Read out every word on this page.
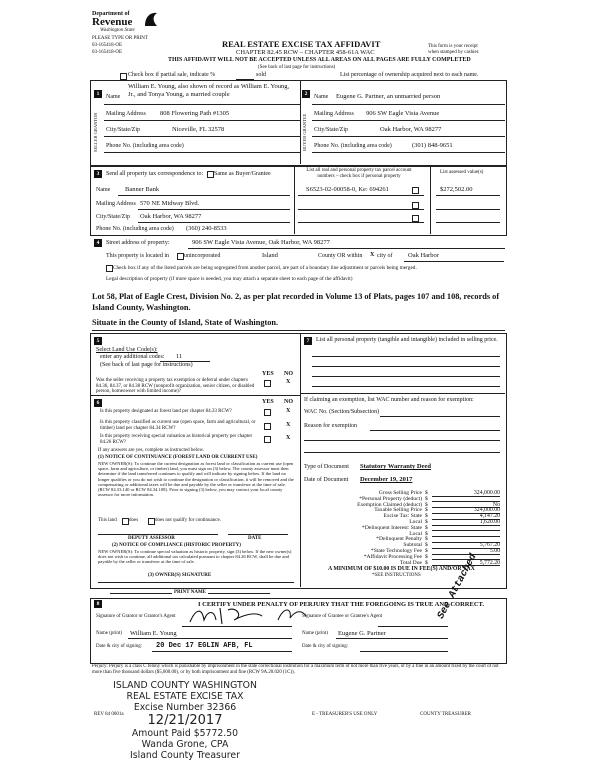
Department of
Revenue
Washington State
PLEASE TYPE OR PRINT
03-165418-OE
03-165418-OE
REAL ESTATE EXCISE TAX AFFIDAVIT
CHAPTER 82.45 RCW – CHAPTER 458-61A WAC
THIS AFFIDAVIT WILL NOT BE ACCEPTED UNLESS ALL AREAS ON ALL PAGES ARE FULLY COMPLETED
(See back of last page for instructions)
This form is your receipt
when stamped by cashier.
Check box if partial sale, indicate %	sold	List percentage of ownership acquired next to each name.
1
SELLER GRANTOR
Name
William E. Young, also shown of record as William E. Young, Jr., and Tonya Young, a married couple
Mailing Address 808 Flowering Path #1305
City/State/Zip	Niceville, FL 32578
Phone No. (including area code)
2
BUYER GRANTEE
Name Eugene G. Partner, an unmarried person
Mailing Address 906 SW Eagle Vista Avenue
City/State/Zip	Oak Harbor, WA 98277
Phone No. (including area code)	(301) 848-9651
3	Send all property tax correspondence to: Same as Buyer/Grantee
Name Banner Bank
Mailing Address 570 NE Midway Blvd.
City/State/Zip Oak Harbor, WA 98277
Phone No. (including area code) (360) 240-8533
List all real and personal property tax parcel account numbers – check box if personal property
List assessed value(s)
S6523-02-00058-0, Ke: 694261	$272,502.00
4	Street address of property:	906 SW Eagle Vista Avenue, Oak Harbor, WA 98277
This property is located in	unincorporated	Island	County OR within X city of Oak Harbor
Check box if any of the listed parcels are being segregated from another parcel, are part of a boundary line adjustment or parcels being merged.
Legal description of property (if more space is needed, you may attach a separate sheet to each page of the affidavit)
Lot 58, Plat of Eagle Crest, Division No. 2, as per plat recorded in Volume 13 of Plats, pages 107 and 108, records of Island County, Washington.
Situate in the County of Island, State of Washington.
5
Select Land Use Code(s):
enter any additional codes: 11
(See back of last page for instructions)
YES NO
Was the seller receiving a property tax exemption or deferral under chapters 84.36, 84.37, or 84.38 RCW (nonprofit organization, senior citizen, or disabled person, homeowner with limited income)?
X
6	YES NO
Is this property designated as forest land per chapter 84.33 RCW?	X
Is this property classified as current use (open space, farm and agricultural, or timber) land per chapter 84.34 RCW?	X
Is this property receiving special valuation as historical property per chapter 84.26 RCW?
X
If any answers are yes, complete as instructed below.
(1) NOTICE OF CONTINUANCE (FOREST LAND OR CURRENT USE)
NEW OWNER(S): To continue the current designation as forest land or classification as current use (open space, farm and agriculture, or timber) land, you must sign on (3) below. The county assessor must then determine if the land transferred continues to qualify and will indicate by signing below. If the land no longer qualifies or you do not wish to continue the designation or classification, it will be removed and the compensating or additional taxes will be due and payable by the seller or transferor at the time of sale. (RCW 84.33.140 or RCW 84.34.108). Prior to signing (3) below, you may contact your local county assessor for more information.
This land does	does not qualify for continuance.
DEPUTY ASSESSOR	DATE
(2) NOTICE OF COMPLIANCE (HISTORIC PROPERTY)
NEW OWNER(S): To continue special valuation as historic property, sign (3) below. If the new owner(s) does not wish to continue, all additional tax calculated pursuant to chapter 84.26 RCW, shall be due and payable by the seller or transferor at the time of sale.
(3) OWNER(S) SIGNATURE
7	List all personal property (tangible and intangible) included in selling price.
If claiming an exemption, list WAC number and reason for exemption:
WAC No. (Section/Subsection)
Reason for exemption
Type of Document Statutory Warranty Deed
Date of Document December 19, 2017
Gross Selling Price $	324,000.00
*Personal Property (deduct) $
Exemption Claimed (deduct) $	No
Taxable Selling Price $	324,000.00
Excise Tax: State $	4,147.20
Local $	1,620.00
*Delinquent Interest: State $
Local $
*Delinquent Penalty $
Subtotal $	5,767.20
*State Technology Fee $	5.00
*Affidavit Processing Fee $
Total Due $	5,772.20
A MINIMUM OF $10.00 IS DUE IN FEE(S) AND/OR TAX
*SEE INSTRUCTIONS
PRINT NAME
8	I CERTIFY UNDER PENALTY OF PERJURY THAT THE FOREGOING IS TRUE AND CORRECT.
Signature of Grantor or Grantor's Agent	Signature of Grantee or Grantee's Agent
Name (print) William E. Young	Name (print) Eugene G. Partner
Date & city of signing: 20 Dec 17 EGLIN AFB, FL	Date & city of signing:
See Attached
Perjury: Perjury is a class C felony which is punishable by imprisonment in the state correctional institution for a maximum term of not more than five years, or by a fine in an amount fixed by the court of not more than five thousand dollars ($5,000.00), or by both imprisonment and fine (RCW 9A.20.020 (1C)).
ISLAND COUNTY WASHINGTON
REAL ESTATE EXCISE TAX
Excise Number 32366
12/21/2017
Amount Paid $5772.50
Wanda Grone, CPA
Island County Treasurer
REV 84 0001a	E - TREASURER'S USE ONLY	COUNTY TREASURER
